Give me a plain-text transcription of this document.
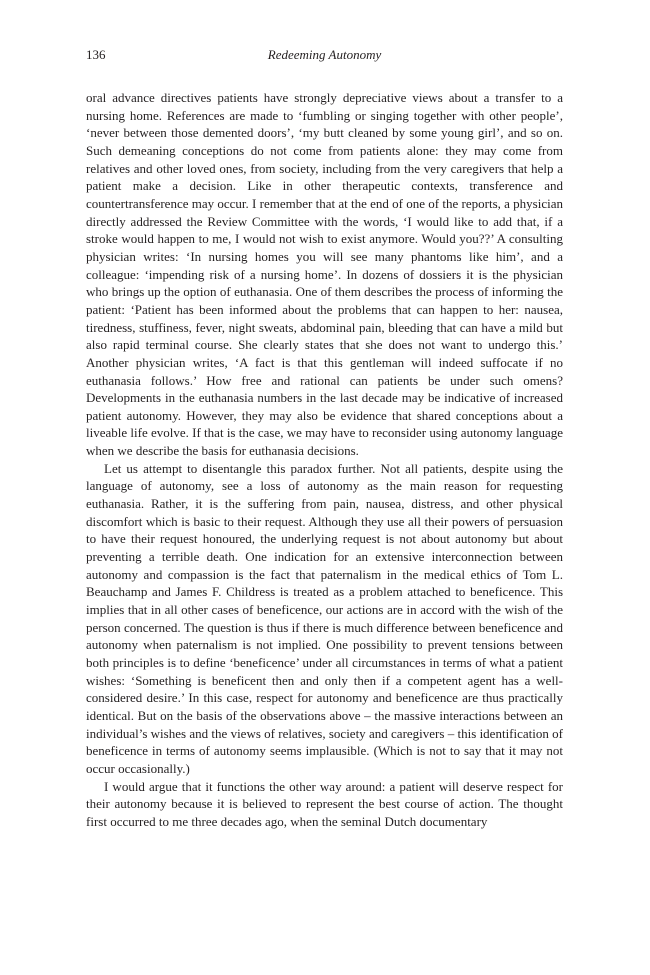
136	Redeeming Autonomy

oral advance directives patients have strongly depreciative views about a transfer to a nursing home. References are made to ‘fumbling or singing together with other people’, ‘never between those demented doors’, ‘my butt cleaned by some young girl’, and so on. Such demeaning conceptions do not come from patients alone: they may come from relatives and other loved ones, from society, including from the very caregivers that help a patient make a decision. Like in other therapeutic contexts, transference and countertransference may occur. I remember that at the end of one of the reports, a physician directly addressed the Review Committee with the words, ‘I would like to add that, if a stroke would happen to me, I would not wish to exist anymore. Would you??’ A consulting physician writes: ‘In nursing homes you will see many phantoms like him’, and a colleague: ‘impending risk of a nursing home’. In dozens of dossiers it is the physician who brings up the option of euthanasia. One of them describes the process of informing the patient: ‘Patient has been informed about the problems that can happen to her: nausea, tiredness, stuffiness, fever, night sweats, abdominal pain, bleeding that can have a mild but also rapid terminal course. She clearly states that she does not want to undergo this.’ Another physician writes, ‘A fact is that this gentleman will indeed suffocate if no euthanasia follows.’ How free and rational can patients be under such omens? Developments in the euthanasia numbers in the last decade may be indicative of increased patient autonomy. However, they may also be evidence that shared conceptions about a liveable life evolve. If that is the case, we may have to reconsider using autonomy language when we describe the basis for euthanasia decisions.

Let us attempt to disentangle this paradox further. Not all patients, despite using the language of autonomy, see a loss of autonomy as the main reason for requesting euthanasia. Rather, it is the suffering from pain, nausea, distress, and other physical discomfort which is basic to their request. Although they use all their powers of persuasion to have their request honoured, the underlying request is not about autonomy but about preventing a terrible death. One indication for an extensive interconnection between autonomy and compassion is the fact that paternalism in the medical ethics of Tom L. Beauchamp and James F. Childress is treated as a problem attached to beneficence. This implies that in all other cases of beneficence, our actions are in accord with the wish of the person concerned. The question is thus if there is much difference between beneficence and autonomy when paternalism is not implied. One possibility to prevent tensions between both principles is to define ‘beneficence’ under all circumstances in terms of what a patient wishes: ‘Something is beneficent then and only then if a competent agent has a well-considered desire.’ In this case, respect for autonomy and beneficence are thus practically identical. But on the basis of the observations above – the massive interactions between an individual’s wishes and the views of relatives, society and caregivers – this identification of beneficence in terms of autonomy seems implausible. (Which is not to say that it may not occur occasionally.)

I would argue that it functions the other way around: a patient will deserve respect for their autonomy because it is believed to represent the best course of action. The thought first occurred to me three decades ago, when the seminal Dutch documentary
